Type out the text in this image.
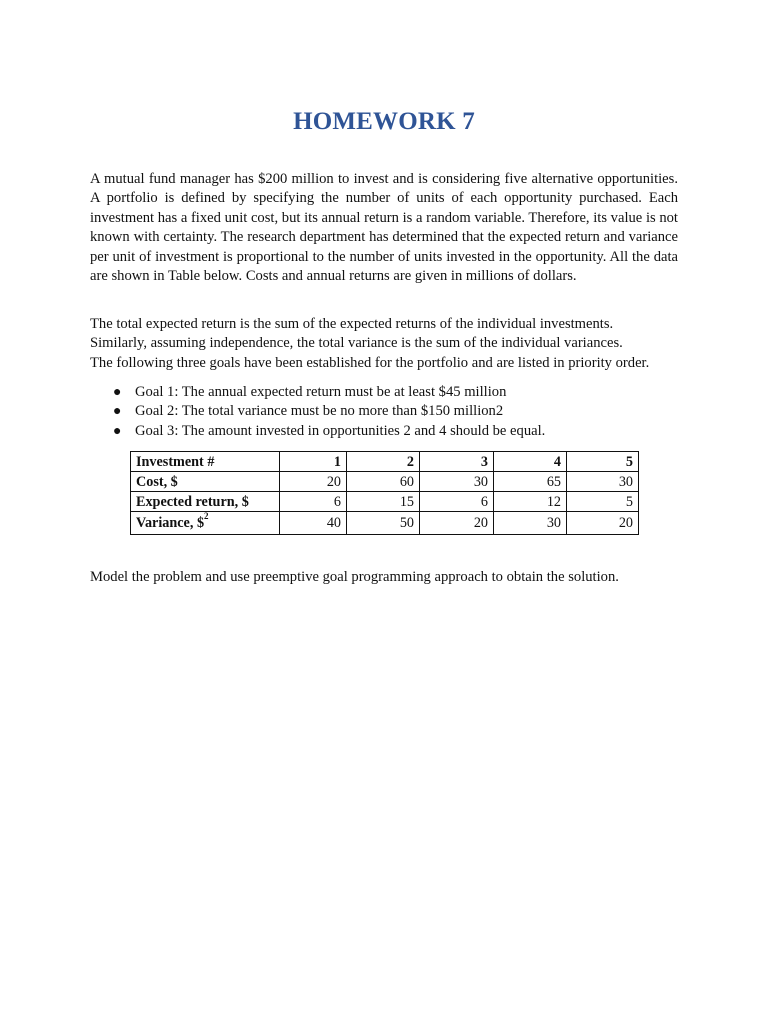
HOMEWORK 7

A mutual fund manager has $200 million to invest and is considering five alternative opportunities. A portfolio is defined by specifying the number of units of each opportunity purchased. Each investment has a fixed unit cost, but its annual return is a random variable. Therefore, its value is not known with certainty. The research department has determined that the expected return and variance per unit of investment is proportional to the number of units invested in the opportunity. All the data are shown in Table below. Costs and annual returns are given in millions of dollars.

The total expected return is the sum of the expected returns of the individual investments.
Similarly, assuming independence, the total variance is the sum of the individual variances.
The following three goals have been established for the portfolio and are listed in priority order.

● Goal 1: The annual expected return must be at least $45 million
● Goal 2: The total variance must be no more than $150 million2
● Goal 3: The amount invested in opportunities 2 and 4 should be equal.
Investment #	1	2	3	4	5
Cost, $	20	60	30	65	30
Expected return, $	6	15	6	12	5
Variance, \$$^2$	40	50	20	30	20

Model the problem and use preemptive goal programming approach to obtain the solution.
